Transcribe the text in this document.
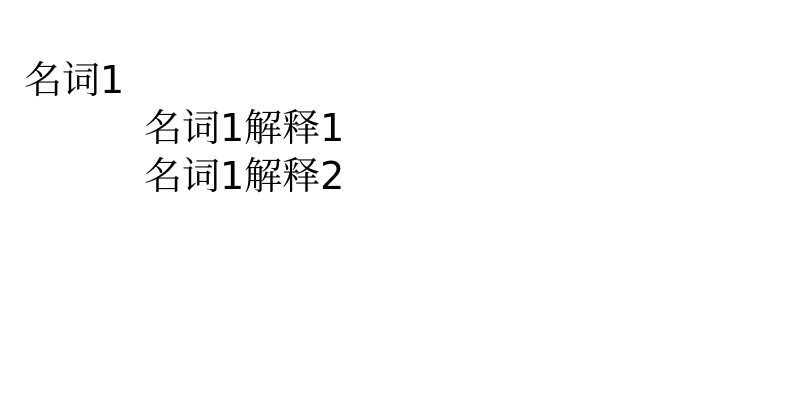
名词1
名词1解释1
名词1解释2
